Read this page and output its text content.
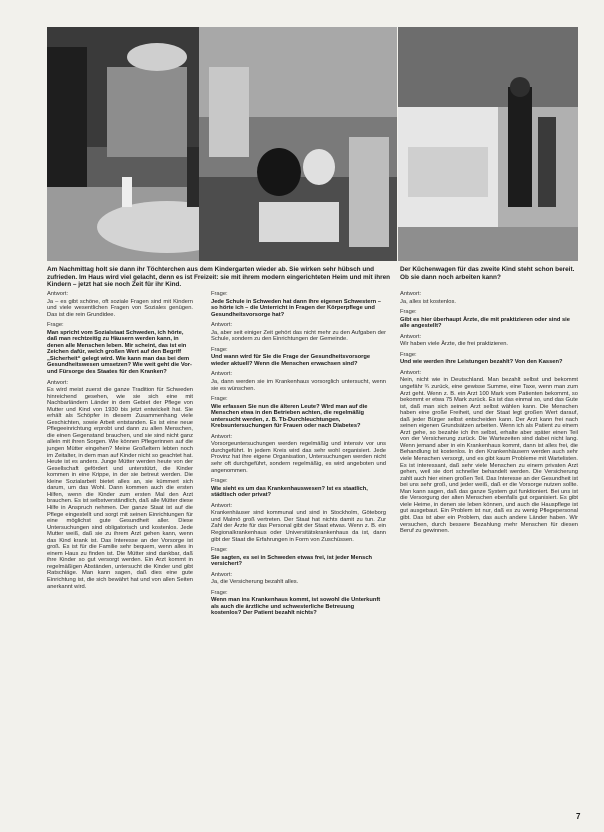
Am Nachmittag holt sie dann ihr Töchterchen aus dem Kindergarten wieder ab. Sie wirken sehr hübsch und zufrieden. Im Haus wird viel gelacht, denn es ist Freizeit: sie mit ihrem modern eingerichteten Heim und mit ihren Kindern – jetzt hat sie noch Zeit für ihr Kind.
Der Küchenwagen für das zweite Kind steht schon bereit. Ob sie dann noch arbeiten kann?
Antwort:
Ja – es gibt schöne, oft soziale Fragen sind mit Kindern und viele wesentlichen Fragen von Soziales genügen. Das ist die rein Grundidee.
Frage:
Man spricht vom Sozialstaat Schweden, ich hörte, daß man rechtzeitig zu Häusern werden kann, in denen alle Menschen leben. Mir scheint, das ist ein Zeichen dafür, welch großen Wert auf den Begriff „Sicherheit“ gelegt wird. Wie kann man das bei dem Gesundheitswesen umsetzen? Wie weit geht die Vor- und Fürsorge des Staates für den Kranken?
Antwort:
Es wird meist zuerst die ganze Tradition für Schweden hinreichend gesehen, wie sie sich eine mit Nachbarländern Länder in dem Gebiet der Pflege von Mutter und Kind von 1930 bis jetzt entwickelt hat. Sie erhält als Schöpfer in diesem Zusammenhang viele Geschichten, sowie Arbeit entstanden. Es ist eine neue Pflegeeinrichtung erprobt und dann zu allen Menschen, die einen Gegenstand brauchen, und sie sind nicht ganz allein mit ihren Sorgen. Wie können Pflegerinnen auf die jungen Mütter eingehen? Meine Großeltern lebten noch im Zeitalter, in dem man auf Kinder nicht so geachtet hat. Heute ist es anders. Junge Mütter werden heute von der Gesellschaft gefördert und unterstützt, die Kinder kommen in eine Krippe, in der sie betreut werden. Die kleine Sozialarbeit bietet alles an, sie kümmert sich darum, um das Wohl. Dann kommen auch die ersten Hilfen, wenn die Kinder zum ersten Mal den Arzt brauchen. Es ist selbstverständlich, daß alle Mütter diese Hilfe in Anspruch nehmen. Der ganze Staat ist auf die Pflege eingestellt und sorgt mit seinen Einrichtungen für eine möglichst gute Gesundheit aller. Diese Untersuchungen sind obligatorisch und kostenlos. Jede Mutter weiß, daß sie zu ihrem Arzt gehen kann, wenn das Kind krank ist. Das Interesse an der Vorsorge ist groß. Es ist für die Familie sehr bequem, wenn alles in einem Haus zu finden ist. Die Mütter sind dankbar, daß ihre Kinder so gut versorgt werden. Ein Arzt kommt in regelmäßigen Abständen, untersucht die Kinder und gibt Ratschläge. Man kann sagen, daß dies eine gute Einrichtung ist, die sich bewährt hat und von allen Seiten anerkannt wird.
Frage:
Jede Schule in Schweden hat dann ihre eigenen Schwestern – so hörte ich – die Unterricht in Fragen der Körperpflege und Gesundheitsvorsorge hat?
Antwort:
Ja, aber seit einiger Zeit gehört das nicht mehr zu den Aufgaben der Schule, sondern zu den Einrichtungen der Gemeinde.
Frage:
Und wann wird für Sie die Frage der Gesundheitsvorsorge wieder aktuell? Wenn die Menschen erwachsen sind?
Antwort:
Ja, dann werden sie im Krankenhaus vorsorglich untersucht, wenn sie es wünschen.
Frage:
Wie erfassen Sie nun die älteren Leute? Wird man auf die Menschen etwa in den Betrieben achten, die regelmäßig untersucht werden, z. B. Tb-Durchleuchtungen, Krebsuntersuchungen für Frauen oder nach Diabetes?
Antwort:
Vorsorgeuntersuchungen werden regelmäßig und intensiv vor uns durchgeführt. In jedem Kreis wird das sehr wohl organisiert. Jede Provinz hat ihre eigene Organisation, Untersuchungen werden nicht sehr oft durchgeführt, sondern regelmäßig, es wird angeboten und angenommen.
Frage:
Wie sieht es um das Krankenhauswesen? Ist es staatlich, städtisch oder privat?
Antwort:
Krankenhäuser sind kommunal und sind in Stockholm, Göteborg und Malmö groß vertreten. Der Staat hat nichts damit zu tun. Zur Zahl der Ärzte für das Personal gibt der Staat etwas. Wenn z. B. ein Regionalkrankenhaus oder Universitätskrankenhaus da ist, dann gibt der Staat die Erfahrungen in Form von Zuschüssen.
Frage:
Sie sagten, es sei in Schweden etwas frei, ist jeder Mensch versichert?
Antwort:
Ja, die Versicherung bezahlt alles.
Frage:
Wenn man ins Krankenhaus kommt, ist sowohl die Unterkunft als auch die ärztliche und schwesterliche Betreuung kostenlos? Der Patient bezahlt nichts?
Antwort:
Ja, alles ist kostenlos.
Frage:
Gibt es hier überhaupt Ärzte, die mit praktizieren oder sind sie alle angestellt?
Antwort:
Wir haben viele Ärzte, die frei praktizieren.
Frage:
Und wie werden ihre Leistungen bezahlt? Von den Kassen?
Antwort:
Nein, nicht wie in Deutschland. Man bezahlt selbst und bekommt ungefähr ¾ zurück, eine gewisse Summe, eine Taxe, wenn man zum Arzt geht. Wenn z. B. ein Arzt 100 Mark vom Patienten bekommt, so bekommt er etwa 75 Mark zurück. Es ist das einmal so, und das Gute ist, daß man sich seinen Arzt selbst wählen kann. Die Menschen haben eine große Freiheit, und der Staat legt großen Wert darauf, daß jeder Bürger selbst entscheiden kann. Der Arzt kann frei nach seinen eigenen Grundsätzen arbeiten. Wenn ich als Patient zu einem Arzt gehe, so bezahle ich ihn selbst, erhalte aber später einen Teil von der Versicherung zurück. Die Wartezeiten sind dabei nicht lang. Wenn jemand aber in ein Krankenhaus kommt, dann ist alles frei, die Behandlung ist kostenlos. In den Krankenhäusern werden auch sehr viele Menschen versorgt, und es gibt kaum Probleme mit Wartelisten. Es ist interessant, daß sehr viele Menschen zu einem privaten Arzt gehen, weil sie dort schneller behandelt werden. Die Versicherung zahlt auch hier einen großen Teil. Das Interesse an der Gesundheit ist bei uns sehr groß, und jeder weiß, daß er die Vorsorge nutzen sollte. Man kann sagen, daß das ganze System gut funktioniert. Bei uns ist die Versorgung der alten Menschen ebenfalls gut organisiert. Es gibt viele Heime, in denen sie leben können, und auch die Hauspflege ist gut ausgebaut. Ein Problem ist nur, daß es zu wenig Pflegepersonal gibt. Das ist aber ein Problem, das auch andere Länder haben. Wir versuchen, durch bessere Bezahlung mehr Menschen für diesen Beruf zu gewinnen.
7
